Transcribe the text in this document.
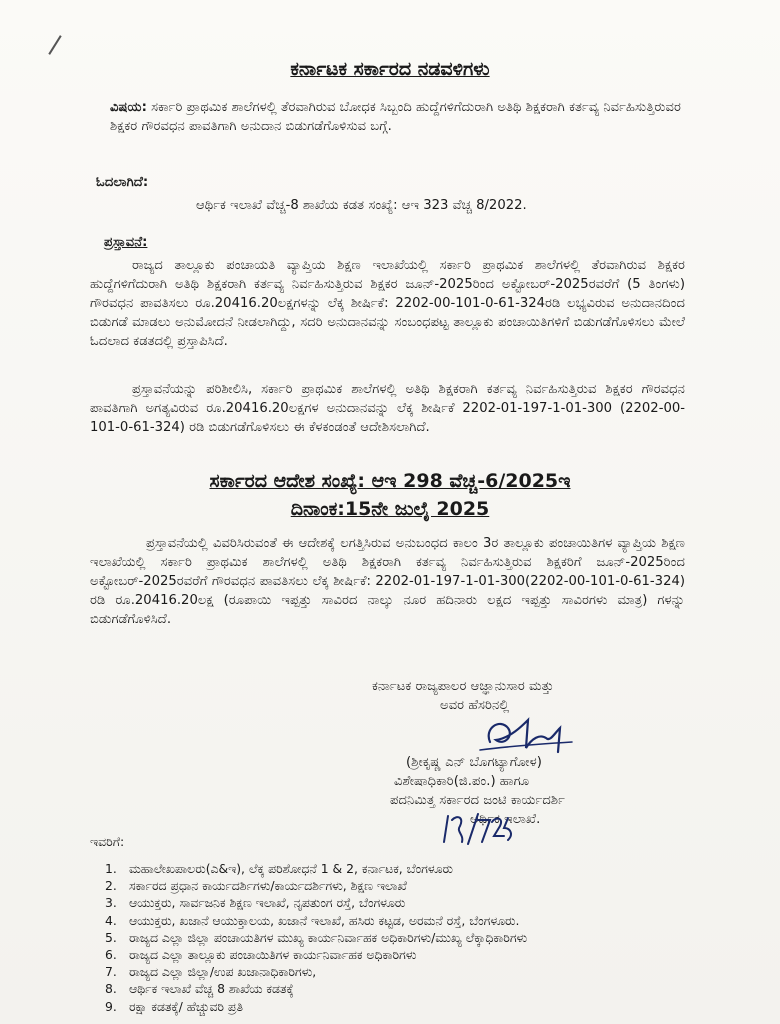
ಕರ್ನಾಟಕ ಸರ್ಕಾರದ ನಡವಳಿಗಳು
ವಿಷಯ: ಸರ್ಕಾರಿ ಪ್ರಾಥಮಿಕ ಶಾಲೆಗಳಲ್ಲಿ ತೆರವಾಗಿರುವ ಬೋಧಕ ಸಿಬ್ಬಂದಿ ಹುದ್ದೆಗಳಿಗೆದುರಾಗಿ ಅತಿಥಿ ಶಿಕ್ಷಕರಾಗಿ ಕರ್ತವ್ಯ ನಿರ್ವಹಿಸುತ್ತಿರುವರ ಶಿಕ್ಷಕರ ಗೌರವಧನ ಪಾವತಿಗಾಗಿ ಅನುದಾನ ಬಿಡುಗಡೆಗೊಳಿಸುವ ಬಗ್ಗೆ.
ಓದಲಾಗಿದೆ:
ಆರ್ಥಿಕ ಇಲಾಖೆ ವೆಚ್ಚ-8 ಶಾಖೆಯ ಕಡತ ಸಂಖ್ಯೆ: ಆಇ 323 ವೆಚ್ಚ 8/2022.
ಪ್ರಸ್ತಾವನೆ:
ರಾಜ್ಯದ ತಾಲ್ಲೂಕು ಪಂಚಾಯತಿ ವ್ಯಾಪ್ತಿಯ ಶಿಕ್ಷಣ ಇಲಾಖೆಯಲ್ಲಿ ಸರ್ಕಾರಿ ಪ್ರಾಥಮಿಕ ಶಾಲೆಗಳಲ್ಲಿ ತೆರವಾಗಿರುವ ಶಿಕ್ಷಕರ ಹುದ್ದೆಗಳಿಗೆದುರಾಗಿ ಅತಿಥಿ ಶಿಕ್ಷಕರಾಗಿ ಕರ್ತವ್ಯ ನಿರ್ವಹಿಸುತ್ತಿರುವ ಶಿಕ್ಷಕರ ಜೂನ್-2025ರಿಂದ ಅಕ್ಟೋಬರ್-2025ರವರೆಗೆ (5 ತಿಂಗಳು) ಗೌರವಧನ ಪಾವತಿಸಲು ರೂ.20416.20ಲಕ್ಷಗಳನ್ನು ಲೆಕ್ಕ ಶೀರ್ಷಿಕೆ: 2202-00-101-0-61-324ರಡಿ ಲಭ್ಯವಿರುವ ಅನುದಾನದಿಂದ ಬಿಡುಗಡೆ ಮಾಡಲು ಅನುಮೋದನೆ ನೀಡಲಾಗಿದ್ದು, ಸದರಿ ಅನುದಾನವನ್ನು ಸಂಬಂಧಪಟ್ಟ ತಾಲ್ಲೂಕು ಪಂಚಾಯಿತಿಗಳಿಗೆ ಬಿಡುಗಡೆಗೊಳಿಸಲು ಮೇಲೆ ಓದಲಾದ ಕಡತದಲ್ಲಿ ಪ್ರಸ್ತಾಪಿಸಿದೆ.
ಪ್ರಸ್ತಾವನೆಯನ್ನು ಪರಿಶೀಲಿಸಿ, ಸರ್ಕಾರಿ ಪ್ರಾಥಮಿಕ ಶಾಲೆಗಳಲ್ಲಿ ಅತಿಥಿ ಶಿಕ್ಷಕರಾಗಿ ಕರ್ತವ್ಯ ನಿರ್ವಹಿಸುತ್ತಿರುವ ಶಿಕ್ಷಕರ ಗೌರವಧನ ಪಾವತಿಗಾಗಿ ಅಗತ್ಯವಿರುವ ರೂ.20416.20ಲಕ್ಷಗಳ ಅನುದಾನವನ್ನು ಲೆಕ್ಕ ಶೀರ್ಷಿಕೆ 2202-01-197-1-01-300 (2202-00-101-0-61-324) ರಡಿ ಬಿಡುಗಡೆಗೊಳಿಸಲು ಈ ಕೆಳಕಂಡಂತೆ ಆದೇಶಿಸಲಾಗಿದೆ.
ಸರ್ಕಾರದ ಆದೇಶ ಸಂಖ್ಯೆ: ಆಇ 298 ವೆಚ್ಚ-6/2025ಇ
ದಿನಾಂಕ:15ನೇ ಜುಲೈ 2025
ಪ್ರಸ್ತಾವನೆಯಲ್ಲಿ ವಿವರಿಸಿರುವಂತೆ ಈ ಆದೇಶಕ್ಕೆ ಲಗತ್ತಿಸಿರುವ ಅನುಬಂಧದ ಕಾಲಂ 3ರ ತಾಲ್ಲೂಕು ಪಂಚಾಯಿತಿಗಳ ವ್ಯಾಪ್ತಿಯ ಶಿಕ್ಷಣ ಇಲಾಖೆಯಲ್ಲಿ ಸರ್ಕಾರಿ ಪ್ರಾಥಮಿಕ ಶಾಲೆಗಳಲ್ಲಿ ಅತಿಥಿ ಶಿಕ್ಷಕರಾಗಿ ಕರ್ತವ್ಯ ನಿರ್ವಹಿಸುತ್ತಿರುವ ಶಿಕ್ಷಕರಿಗೆ ಜೂನ್-2025ರಿಂದ ಅಕ್ಟೋಬರ್-2025ರವರೆಗೆ ಗೌರವಧನ ಪಾವತಿಸಲು ಲೆಕ್ಕ ಶೀರ್ಷಿಕೆ: 2202-01-197-1-01-300(2202-00-101-0-61-324) ರಡಿ ರೂ.20416.20ಲಕ್ಷ (ರೂಪಾಯಿ ಇಪ್ಪತ್ತು ಸಾವಿರದ ನಾಲ್ಕು ನೂರ ಹದಿನಾರು ಲಕ್ಷದ ಇಪ್ಪತ್ತು ಸಾವಿರಗಳು ಮಾತ್ರ) ಗಳನ್ನು ಬಿಡುಗಡೆಗೊಳಿಸಿದೆ.
ಕರ್ನಾಟಕ ರಾಜ್ಯಪಾಲರ ಆಜ್ಞಾನುಸಾರ ಮತ್ತು
ಅವರ ಹೆಸರಿನಲ್ಲಿ
(ಶ್ರೀಕೃಷ್ಣ ಎನ್ ಬೊಗಟ್ಯಾಗೋಳ)
ವಿಶೇಷಾಧಿಕಾರಿ(ಜಿ.ಪಂ.) ಹಾಗೂ
ಪದನಿಮಿತ್ತ ಸರ್ಕಾರದ ಜಂಟಿ ಕಾರ್ಯದರ್ಶಿ
ಆರ್ಥಿಕ ಇಲಾಖೆ.
ಇವರಿಗೆ:
1. ಮಹಾಲೇಖಪಾಲರು(ಎ&ಇ), ಲೆಕ್ಕ ಪರಿಶೋಧನೆ 1 & 2, ಕರ್ನಾಟಕ, ಬೆಂಗಳೂರು
2. ಸರ್ಕಾರದ ಪ್ರಧಾನ ಕಾರ್ಯದರ್ಶಿಗಳು/ಕಾರ್ಯದರ್ಶಿಗಳು, ಶಿಕ್ಷಣ ಇಲಾಖೆ
3. ಆಯುಕ್ತರು, ಸಾರ್ವಜನಿಕ ಶಿಕ್ಷಣ ಇಲಾಖೆ, ನೃಪತುಂಗ ರಸ್ತೆ, ಬೆಂಗಳೂರು
4. ಆಯುಕ್ತರು, ಖಜಾನೆ ಆಯುಕ್ತಾಲಯ, ಖಜಾನೆ ಇಲಾಖೆ, ಹಸಿರು ಕಟ್ಟಡ, ಅರಮನೆ ರಸ್ತೆ, ಬೆಂಗಳೂರು.
5. ರಾಜ್ಯದ ಎಲ್ಲಾ ಜಿಲ್ಲಾ ಪಂಚಾಯತಿಗಳ ಮುಖ್ಯ ಕಾರ್ಯನಿರ್ವಾಹಕ ಅಧಿಕಾರಿಗಳು/ಮುಖ್ಯ ಲೆಕ್ಕಾಧಿಕಾರಿಗಳು
6. ರಾಜ್ಯದ ಎಲ್ಲಾ ತಾಲ್ಲೂಕು ಪಂಚಾಯಿತಿಗಳ ಕಾರ್ಯನಿರ್ವಾಹಕ ಅಧಿಕಾರಿಗಳು
7. ರಾಜ್ಯದ ಎಲ್ಲಾ ಜಿಲ್ಲಾ/ಉಪ ಖಜಾನಾಧಿಕಾರಿಗಳು,
8. ಆರ್ಥಿಕ ಇಲಾಖೆ ವೆಚ್ಚ 8 ಶಾಖೆಯ ಕಡತಕ್ಕೆ
9. ರಕ್ಷಾ ಕಡತಕ್ಕೆ/ ಹೆಚ್ಚುವರಿ ಪ್ರತಿ
